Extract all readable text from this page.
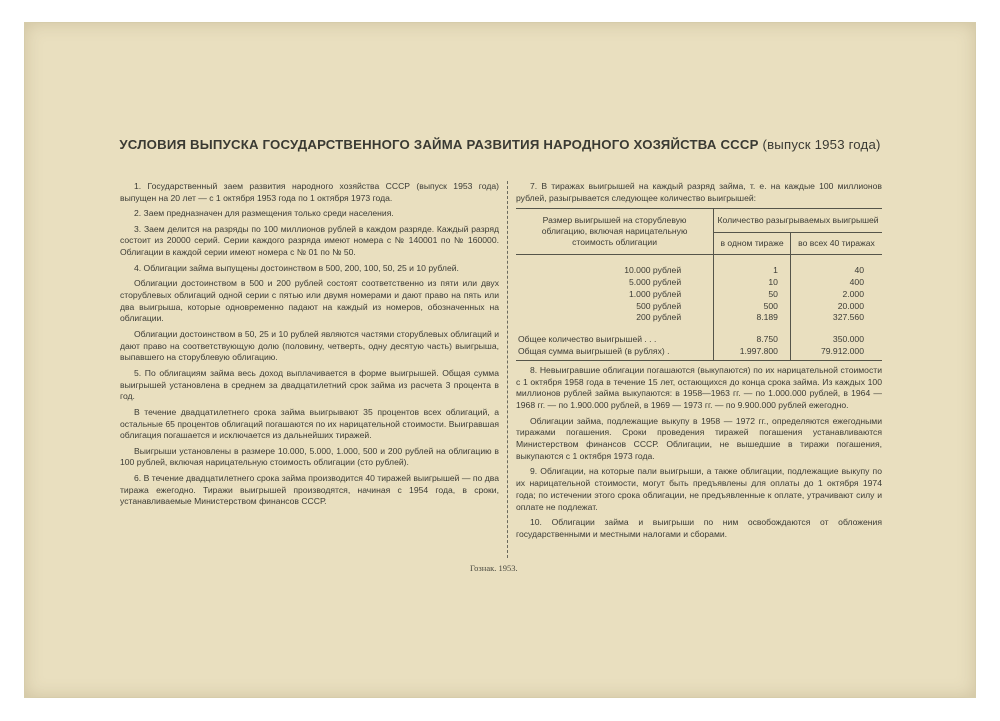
УСЛОВИЯ ВЫПУСКА ГОСУДАРСТВЕННОГО ЗАЙМА РАЗВИТИЯ НАРОДНОГО ХОЗЯЙСТВА СССР (выпуск 1953 года)

1. Государственный заем развития народного хозяйства СССР (выпуск 1953 года) выпущен на 20 лет — с 1 октября 1953 года по 1 октября 1973 года.

2. Заем предназначен для размещения только среди населения.

3. Заем делится на разряды по 100 миллионов рублей в каждом разряде. Каждый разряд состоит из 20000 серий. Серии каждого разряда имеют номера с № 140001 по № 160000. Облигации в каждой серии имеют номера с № 01 по № 50.

4. Облигации займа выпущены достоинством в 500, 200, 100, 50, 25 и 10 рублей.

Облигации достоинством в 500 и 200 рублей состоят соответственно из пяти или двух сторублевых облигаций одной серии с пятью или двумя номерами и дают право на пять или два выигрыша, которые одновременно падают на каждый из номеров, обозначенных на облигации.

Облигации достоинством в 50, 25 и 10 рублей являются частями сторублевых облигаций и дают право на соответствующую долю (половину, четверть, одну десятую часть) выигрыша, выпавшего на сторублевую облигацию.

5. По облигациям займа весь доход выплачивается в форме выигрышей. Общая сумма выигрышей установлена в среднем за двадцатилетний срок займа из расчета 3 процента в год.

В течение двадцатилетнего срока займа выигрывают 35 процентов всех облигаций, а остальные 65 процентов облигаций погашаются по их нарицательной стоимости. Выигравшая облигация погашается и исключается из дальнейших тиражей.

Выигрыши установлены в размере 10.000, 5.000, 1.000, 500 и 200 рублей на облигацию в 100 рублей, включая нарицательную стоимость облигации (сто рублей).

6. В течение двадцатилетнего срока займа производится 40 тиражей выигрышей — по два тиража ежегодно. Тиражи выигрышей производятся, начиная с 1954 года, в сроки, устанавливаемые Министерством финансов СССР.

7. В тиражах выигрышей на каждый разряд займа, т. е. на каждые 100 миллионов рублей, разыгрывается следующее количество выигрышей:

Размер выигрышей на сторублевую облигацию, включая нарицательную стоимость облигации	Количество разыгрываемых выигрышей	
	в одном тираже	во всех 40 тиражах

10.000 рублей	1	40
5.000 рублей	10	400
1.000 рублей	50	2.000
500 рублей	500	20.000
200 рублей	8.189	327.560

Общее количество выигрышей . . .	8.750	350.000
Общая сумма выигрышей (в рублях) .	1.997.800	79.912.000

8. Невыигравшие облигации погашаются (выкупаются) по их нарицательной стоимости с 1 октября 1958 года в течение 15 лет, остающихся до конца срока займа. Из каждых 100 миллионов рублей займа выкупаются: в 1958—1963 гг. — по 1.000.000 рублей, в 1964 — 1968 гг. — по 1.900.000 рублей, в 1969 — 1973 гг. — по 9.900.000 рублей ежегодно.

Облигации займа, подлежащие выкупу в 1958 — 1972 гг., определяются ежегодными тиражами погашения. Сроки проведения тиражей погашения устанавливаются Министерством финансов СССР. Облигации, не вышедшие в тиражи погашения, выкупаются с 1 октября 1973 года.

9. Облигации, на которые пали выигрыши, а также облигации, подлежащие выкупу по их нарицательной стоимости, могут быть предъявлены для оплаты до 1 октября 1974 года; по истечении этого срока облигации, не предъявленные к оплате, утрачивают силу и оплате не подлежат.

10. Облигации займа и выигрыши по ним освобождаются от обложения государственными и местными налогами и сборами.

Гознак. 1953.
